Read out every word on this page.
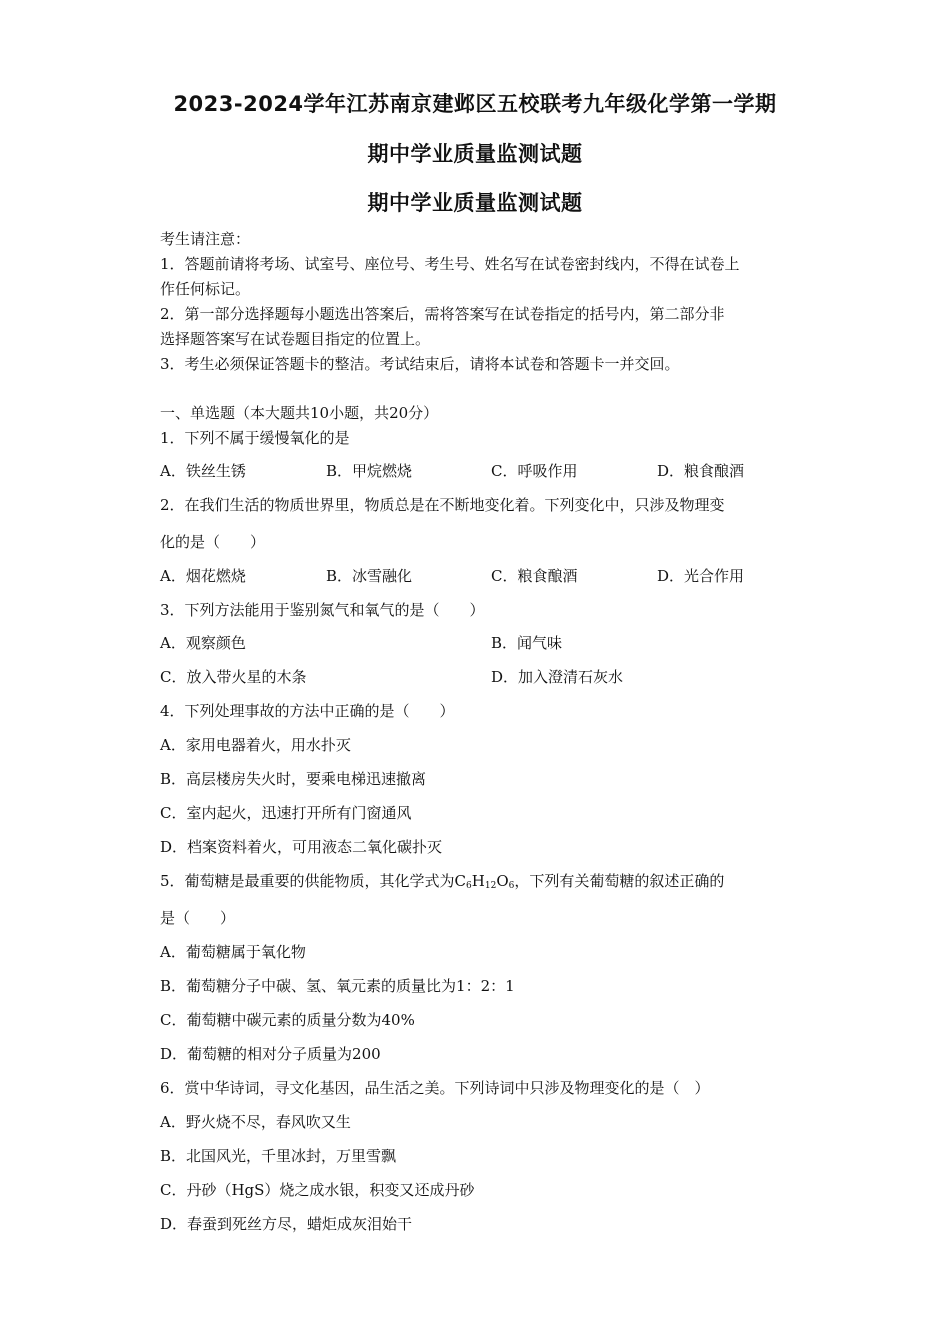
2023-2024学年江苏南京建邺区五校联考九年级化学第一学期
期中学业质量监测试题
期中学业质量监测试题
考生请注意：
1．答题前请将考场、试室号、座位号、考生号、姓名写在试卷密封线内，不得在试卷上
作任何标记。
2．第一部分选择题每小题选出答案后，需将答案写在试卷指定的括号内，第二部分非
选择题答案写在试卷题目指定的位置上。
3．考生必须保证答题卡的整洁。考试结束后，请将本试卷和答题卡一并交回。
一、单选题（本大题共10小题，共20分）
1．下列不属于缓慢氧化的是
A．铁丝生锈	B．甲烷燃烧	C．呼吸作用	D．粮食酿酒
2．在我们生活的物质世界里，物质总是在不断地变化着。下列变化中，只涉及物理变
化的是（　　）
A．烟花燃烧	B．冰雪融化	C．粮食酿酒	D．光合作用
3．下列方法能用于鉴别氮气和氧气的是（　　）
A．观察颜色	B．闻气味
C．放入带火星的木条	D．加入澄清石灰水
4．下列处理事故的方法中正确的是（　　）
A．家用电器着火，用水扑灭
B．高层楼房失火时，要乘电梯迅速撤离
C．室内起火，迅速打开所有门窗通风
D．档案资料着火，可用液态二氧化碳扑灭
5．葡萄糖是最重要的供能物质，其化学式为$C_6H_{12}O_6$，下列有关葡萄糖的叙述正确的
是（　　）
A．葡萄糖属于氧化物
B．葡萄糖分子中碳、氢、氧元素的质量比为1：2：1
C．葡萄糖中碳元素的质量分数为40%
D．葡萄糖的相对分子质量为200
6．赏中华诗词，寻文化基因，品生活之美。下列诗词中只涉及物理变化的是（　）
A．野火烧不尽，春风吹又生
B．北国风光，千里冰封，万里雪飘
C．丹砂（HgS）烧之成水银，积变又还成丹砂
D．春蚕到死丝方尽，蜡炬成灰泪始干
